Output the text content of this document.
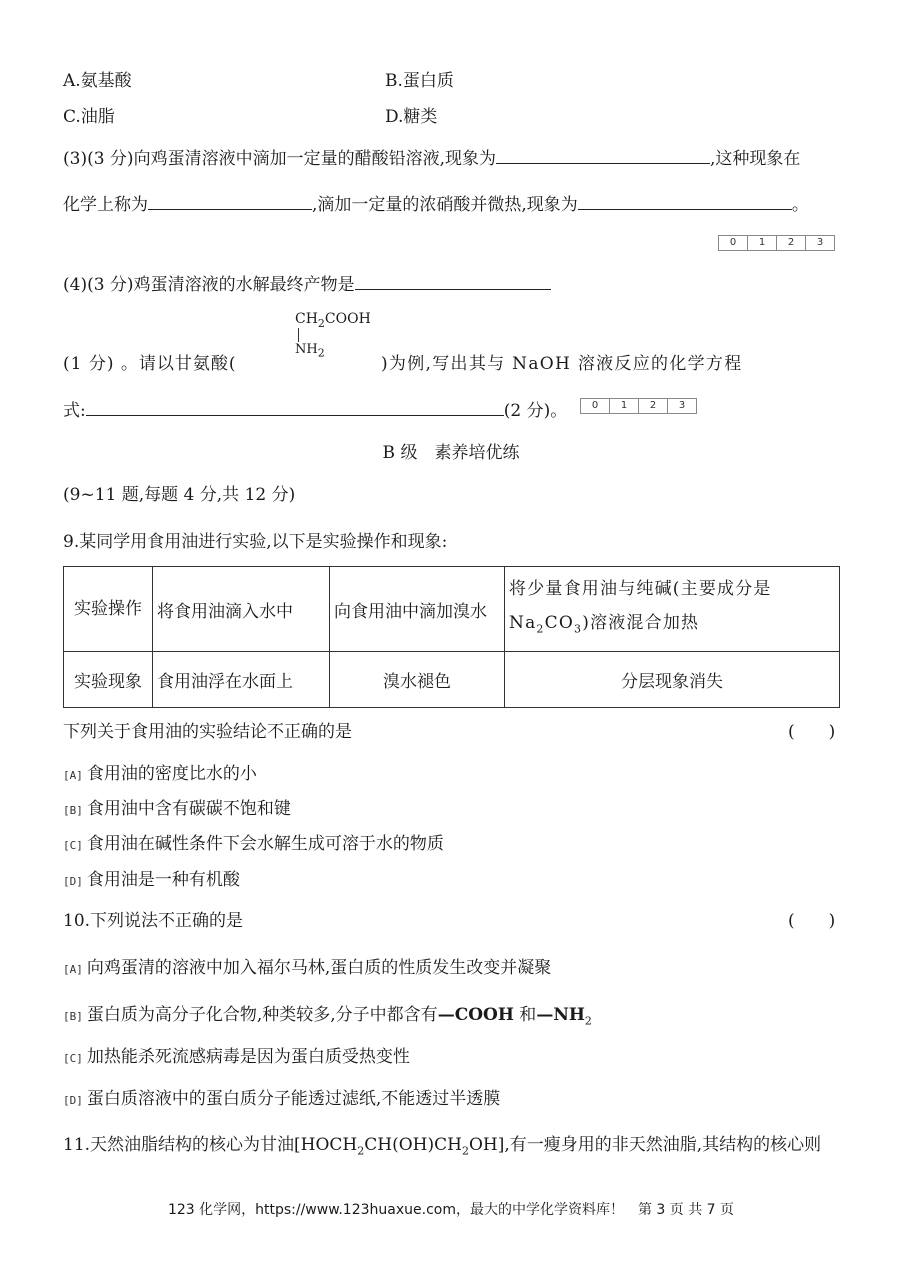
A.氨基酸	B.蛋白质
C.油脂	D.糖类
(3)(3 分)向鸡蛋清溶液中滴加一定量的醋酸铅溶液,现象为	,这种现象在
化学上称为	,滴加一定量的浓硝酸并微热,现象为	。
0	1	2	3
(4)(3 分)鸡蛋清溶液的水解最终产物是
$CH_2COOH$
$NH_2$
(1 分) 。请以甘氨酸(	)为例,写出其与 NaOH 溶液反应的化学方程
式:	(2 分)。	0	1	2	3
B 级　素养培优练
(9~11 题,每题 4 分,共 12 分)
9.某同学用食用油进行实验,以下是实验操作和现象:
实验操作	将食用油滴入水中	向食用油中滴加溴水	将少量食用油与纯碱(主要成分是
$Na_2CO_3$)溶液混合加热

实验现象	食用油浮在水面上	溴水褪色	分层现象消失
下列关于食用油的实验结论不正确的是	(　　)
[A] 食用油的密度比水的小
[B] 食用油中含有碳碳不饱和键
[C] 食用油在碱性条件下会水解生成可溶于水的物质
[D] 食用油是一种有机酸
10.下列说法不正确的是	(　　)
[A] 向鸡蛋清的溶液中加入福尔马林,蛋白质的性质发生改变并凝聚
[B] 蛋白质为高分子化合物,种类较多,分子中都含有—COOH 和$—NH_2$
[C] 加热能杀死流感病毒是因为蛋白质受热变性
[D] 蛋白质溶液中的蛋白质分子能透过滤纸,不能透过半透膜
11.天然油脂结构的核心为甘油$[HOCH_2CH(OH)CH_2OH]$,有一瘦身用的非天然油脂,其结构的核心则
123 化学网，https://www.123huaxue.com，最大的中学化学资料库！　第 3 页 共 7 页
